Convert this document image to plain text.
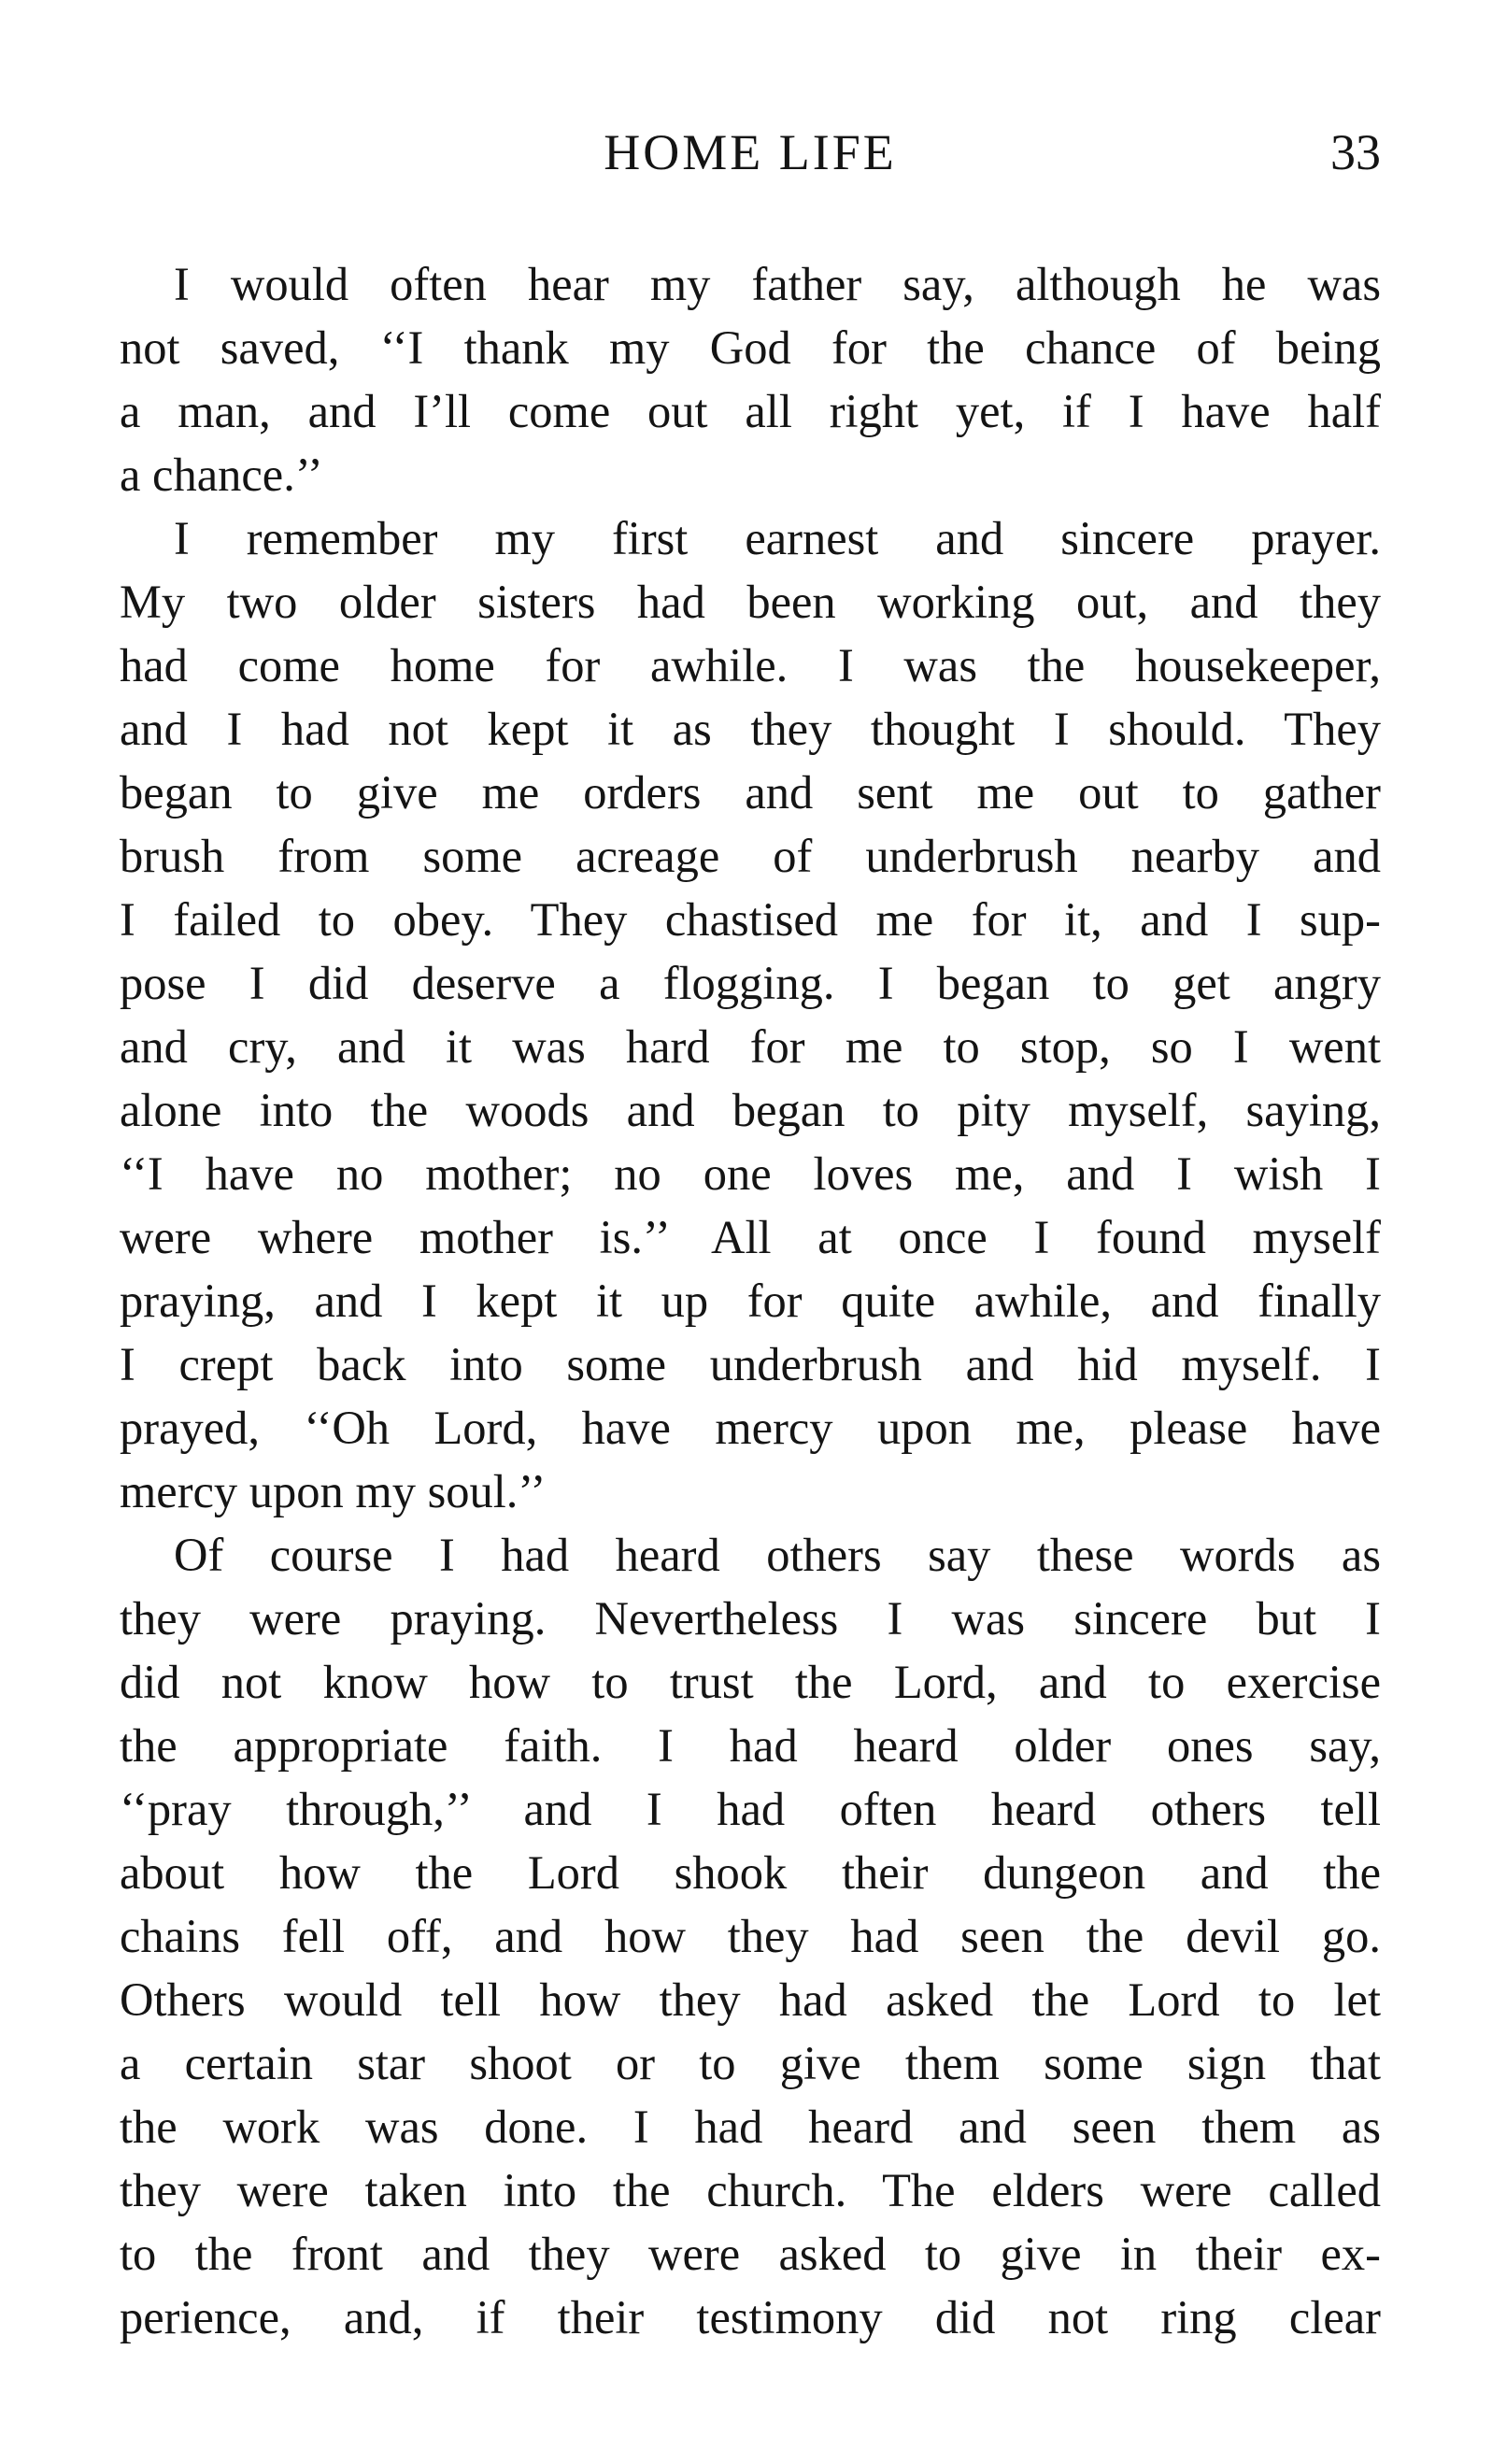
HOME LIFE	33
I would often hear my father say, although he was
not saved, ‘‘I thank my God for the chance of being
a man, and I’ll come out all right yet, if I have half
a chance.’’
I remember my first earnest and sincere prayer.
My two older sisters had been working out, and they
had come home for awhile. I was the housekeeper,
and I had not kept it as they thought I should. They
began to give me orders and sent me out to gather
brush from some acreage of underbrush nearby and
I failed to obey. They chastised me for it, and I sup-
pose I did deserve a flogging. I began to get angry
and cry, and it was hard for me to stop, so I went
alone into the woods and began to pity myself, saying,
‘‘I have no mother; no one loves me, and I wish I
were where mother is.’’ All at once I found myself
praying, and I kept it up for quite awhile, and finally
I crept back into some underbrush and hid myself. I
prayed, ‘‘Oh Lord, have mercy upon me, please have
mercy upon my soul.’’
Of course I had heard others say these words as
they were praying. Nevertheless I was sincere but I
did not know how to trust the Lord, and to exercise
the appropriate faith. I had heard older ones say,
‘‘pray through,’’ and I had often heard others tell
about how the Lord shook their dungeon and the
chains fell off, and how they had seen the devil go.
Others would tell how they had asked the Lord to let
a certain star shoot or to give them some sign that
the work was done. I had heard and seen them as
they were taken into the church. The elders were called
to the front and they were asked to give in their ex-
perience, and, if their testimony did not ring clear
